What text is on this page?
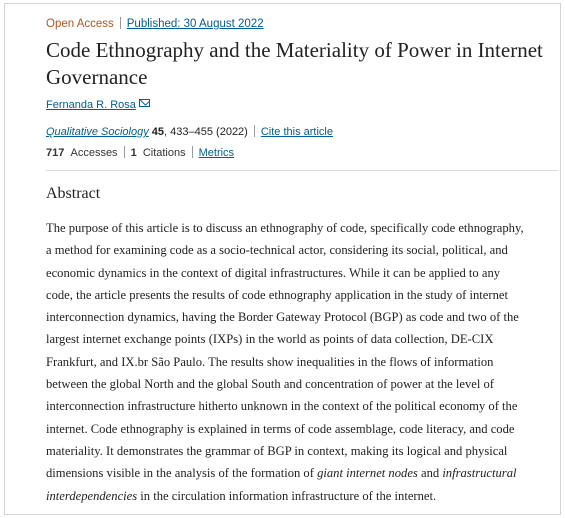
Open Access Published: 30 August 2022
Code Ethnography and the Materiality of Power in Internet Governance
Fernanda R. Rosa
Qualitative Sociology 45, 433–455 (2022) Cite this article
717 Accesses 1 Citations Metrics
Abstract
The purpose of this article is to discuss an ethnography of code, specifically code ethnography,
a method for examining code as a socio-technical actor, considering its social, political, and
economic dynamics in the context of digital infrastructures. While it can be applied to any
code, the article presents the results of code ethnography application in the study of internet
interconnection dynamics, having the Border Gateway Protocol (BGP) as code and two of the
largest internet exchange points (IXPs) in the world as points of data collection, DE-CIX
Frankfurt, and IX.br São Paulo. The results show inequalities in the flows of information
between the global North and the global South and concentration of power at the level of
interconnection infrastructure hitherto unknown in the context of the political economy of the
internet. Code ethnography is explained in terms of code assemblage, code literacy, and code
materiality. It demonstrates the grammar of BGP in context, making its logical and physical
dimensions visible in the analysis of the formation of giant internet nodes and infrastructural
interdependencies in the circulation information infrastructure of the internet.
